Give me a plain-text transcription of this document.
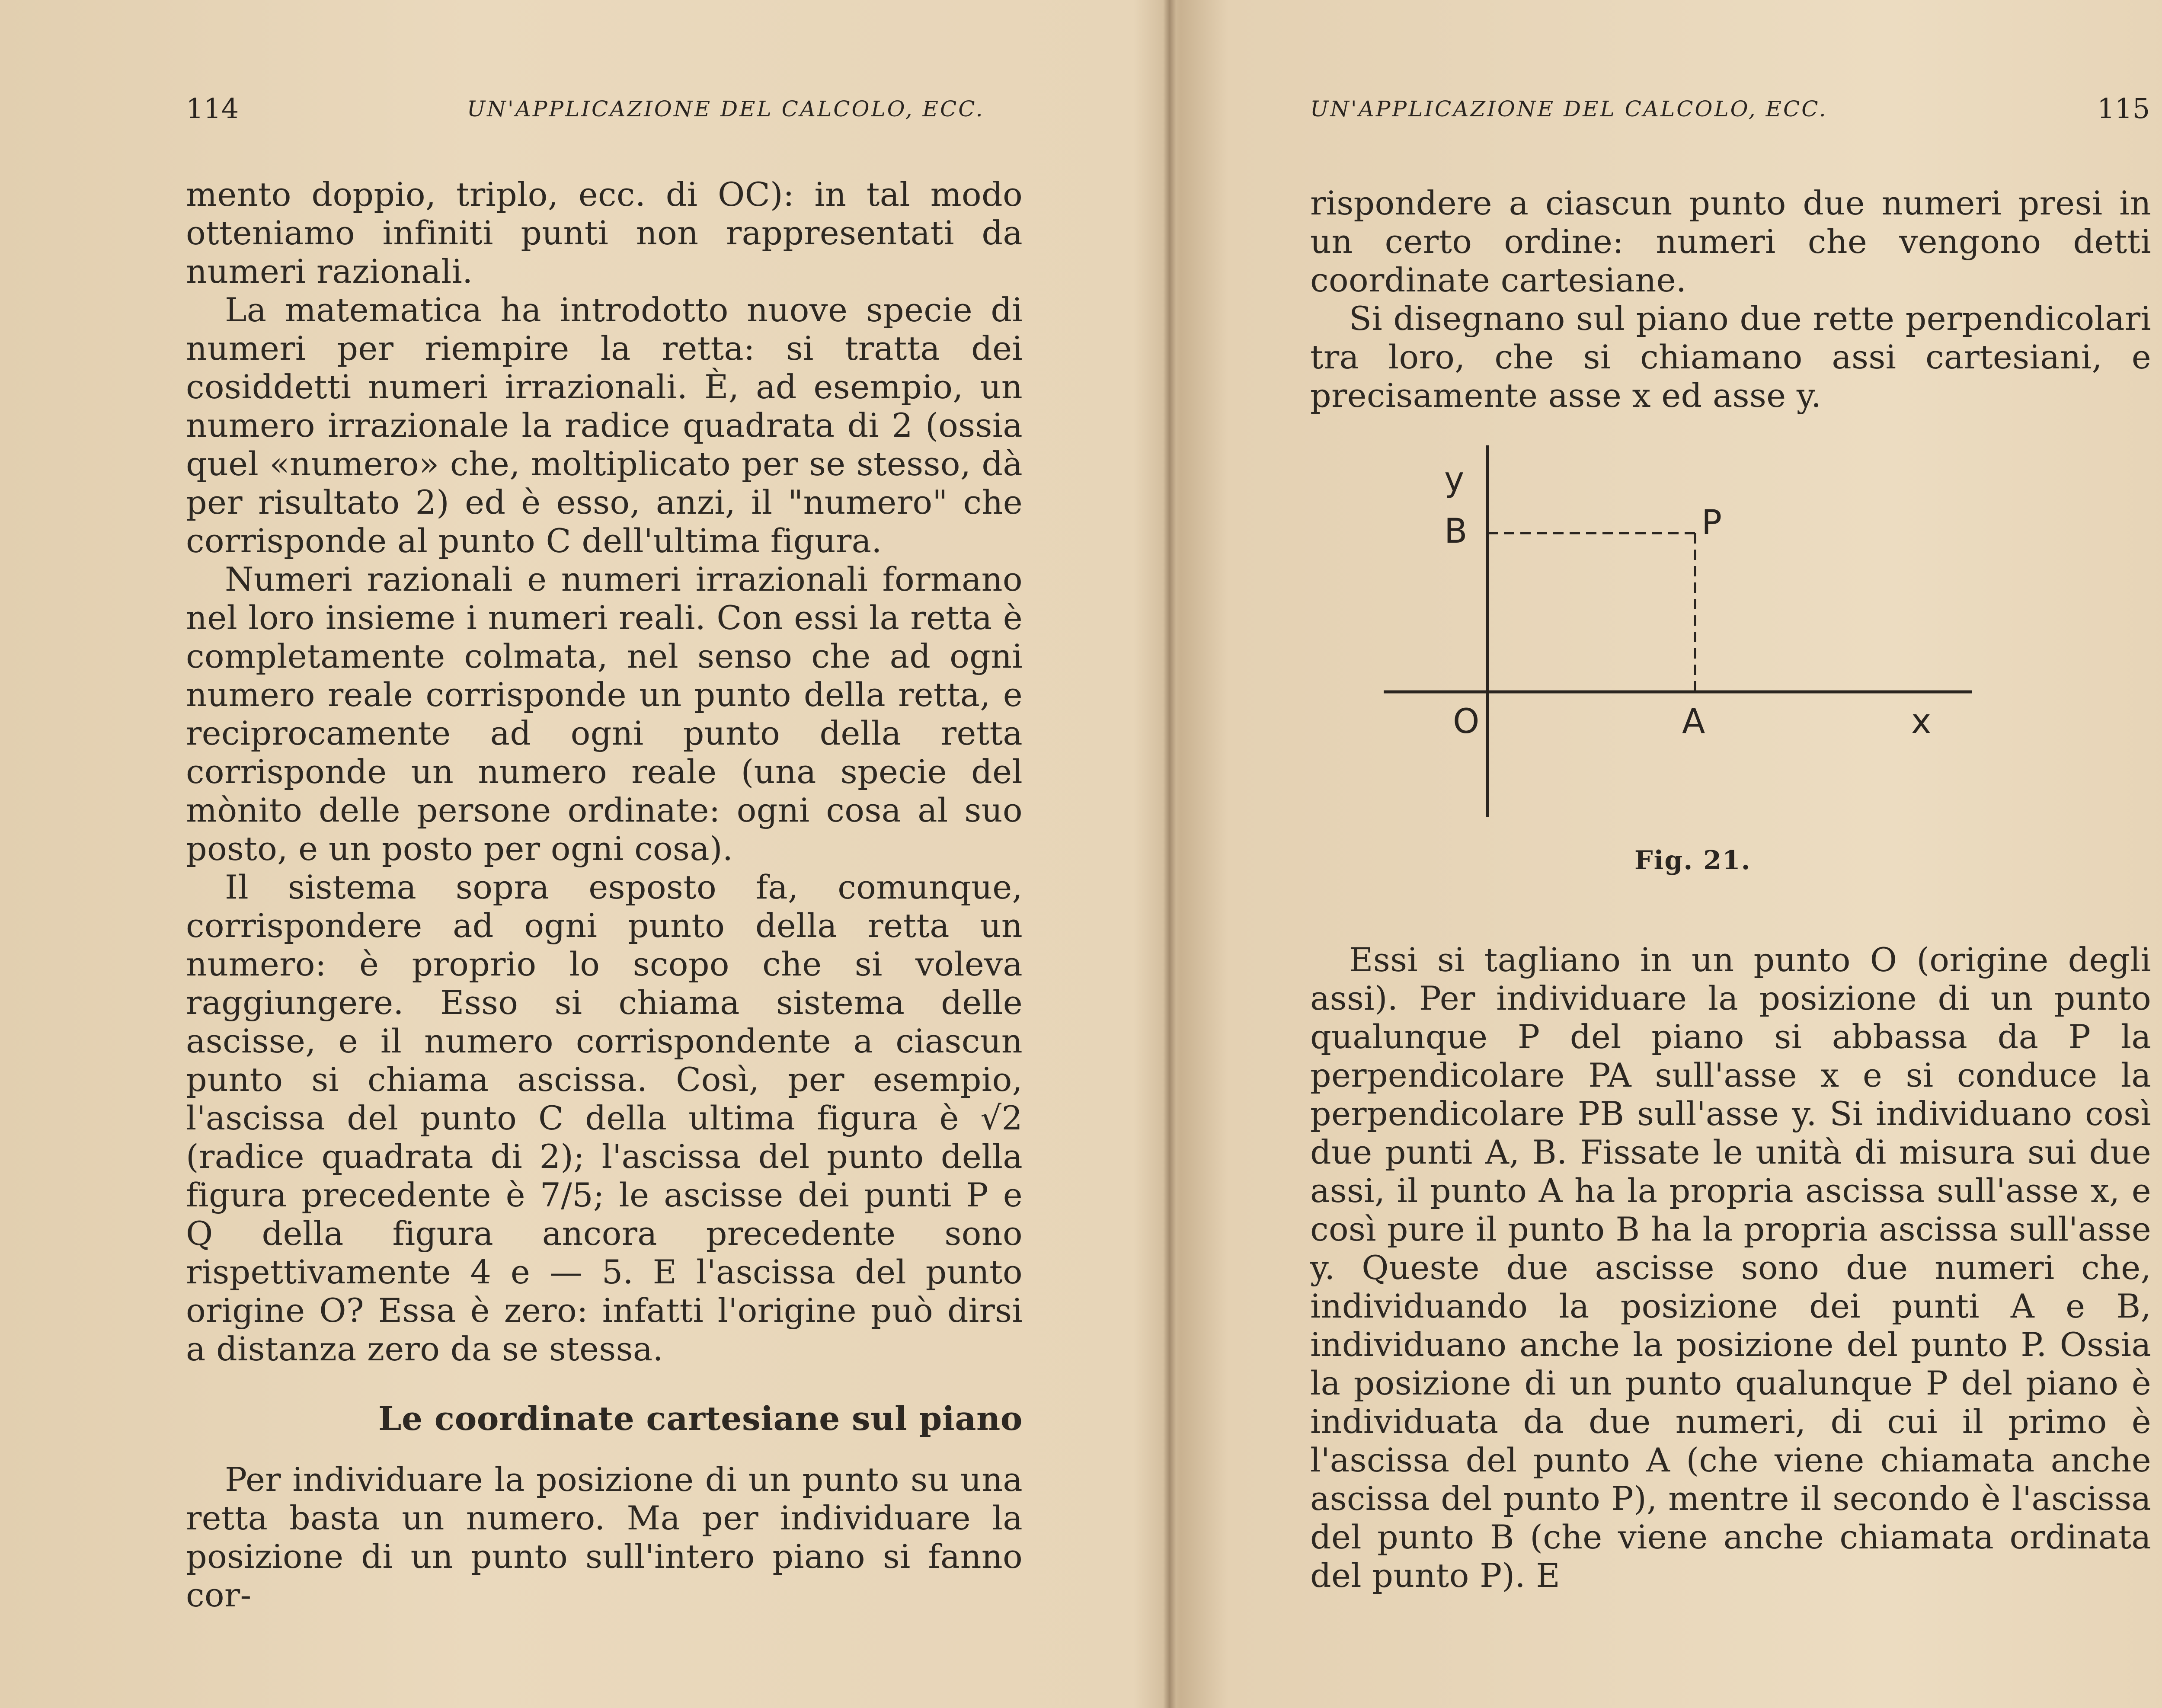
114	UN'APPLICAZIONE DEL CALCOLO, ECC.

mento doppio, triplo, ecc. di OC): in tal modo otteniamo infiniti punti non rappresentati da numeri razionali.

La matematica ha introdotto nuove specie di numeri per riempire la retta: si tratta dei cosiddetti numeri irrazionali. È, ad esempio, un numero irrazionale la radice quadrata di 2 (ossia quel «numero» che, moltiplicato per se stesso, dà per risultato 2) ed è esso, anzi, il "numero" che corrisponde al punto C dell'ultima figura.

Numeri razionali e numeri irrazionali formano nel loro insieme i numeri reali. Con essi la retta è completamente colmata, nel senso che ad ogni numero reale corrisponde un punto della retta, e reciprocamente ad ogni punto della retta corrisponde un numero reale (una specie del mònito delle persone ordinate: ogni cosa al suo posto, e un posto per ogni cosa).

Il sistema sopra esposto fa, comunque, corrispondere ad ogni punto della retta un numero: è proprio lo scopo che si voleva raggiungere. Esso si chiama sistema delle ascisse, e il numero corrispondente a ciascun punto si chiama ascissa. Così, per esempio, l'ascissa del punto C della ultima figura è √2 (radice quadrata di 2); l'ascissa del punto della figura precedente è 7/5; le ascisse dei punti P e Q della figura ancora precedente sono rispettivamente 4 e — 5. E l'ascissa del punto origine O? Essa è zero: infatti l'origine può dirsi a distanza zero da se stessa.

Le coordinate cartesiane sul piano

Per individuare la posizione di un punto su una retta basta un numero. Ma per individuare la posizione di un punto sull'intero piano si fanno cor-

UN'APPLICAZIONE DEL CALCOLO, ECC.	115

rispondere a ciascun punto due numeri presi in un certo ordine: numeri che vengono detti coordinate cartesiane.

Si disegnano sul piano due rette perpendicolari tra loro, che si chiamano assi cartesiani, e precisamente asse x ed asse y.

y
B	P
O	A	x
Fig. 21.

Essi si tagliano in un punto O (origine degli assi). Per individuare la posizione di un punto qualunque P del piano si abbassa da P la perpendicolare PA sull'asse x e si conduce la perpendicolare PB sull'asse y. Si individuano così due punti A, B. Fissate le unità di misura sui due assi, il punto A ha la propria ascissa sull'asse x, e così pure il punto B ha la propria ascissa sull'asse y. Queste due ascisse sono due numeri che, individuando la posizione dei punti A e B, individuano anche la posizione del punto P. Ossia la posizione di un punto qualunque P del piano è individuata da due numeri, di cui il primo è l'ascissa del punto A (che viene chiamata anche ascissa del punto P), mentre il secondo è l'ascissa del punto B (che viene anche chiamata ordinata del punto P). E
